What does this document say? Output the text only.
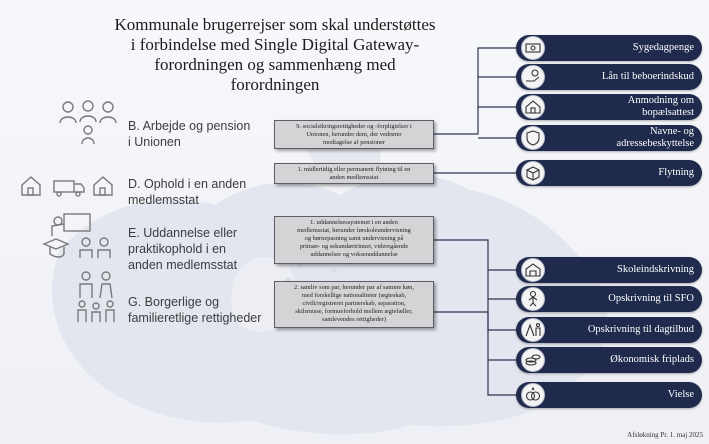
Kommunale brugerrejser som skal understøttes
i forbindelse med Single Digital Gateway-
forordningen og sammenhæng med
forordningen
B. Arbejde og pension
i Unionen
D. Ophold i en anden
medlemsstat
E. Uddannelse eller
praktikophold i en
anden medlemsstat
G. Borgerlige og
familieretlige rettigheder
9. socialsikringsrettigheder og -forpligtelser i
Unionen, herunder dem, der vedrører
modtagelse af pensioner
1. midlertidig eller permanent flytning til en
anden medlemsstat
1. uddannelsessystemet i en anden
medlemsstat, herunder førskoleundervisning
og børnepasning samt undervisning på
primær- og sekundærtrinnet, videregående
uddannelser og voksenuddannelse
2. samliv som par, herunder par af samme køn,
med forskellige nationaliteter (ægteskab,
civilt/registreret partnerskab, separation,
skilsmisse, formueforhold mellem ægtefæller,
samlevendes rettigheder)
Sygedagpenge
Lån til beboerindskud
Anmodning om
bopælsattest
Navne- og
adressebeskyttelse
Flytning
Skoleindskrivning
Opskrivning til SFO
Opskrivning til dagtilbud
Økonomisk friplads
Vielse
Afsløkning Pr. 1. maj 2025
